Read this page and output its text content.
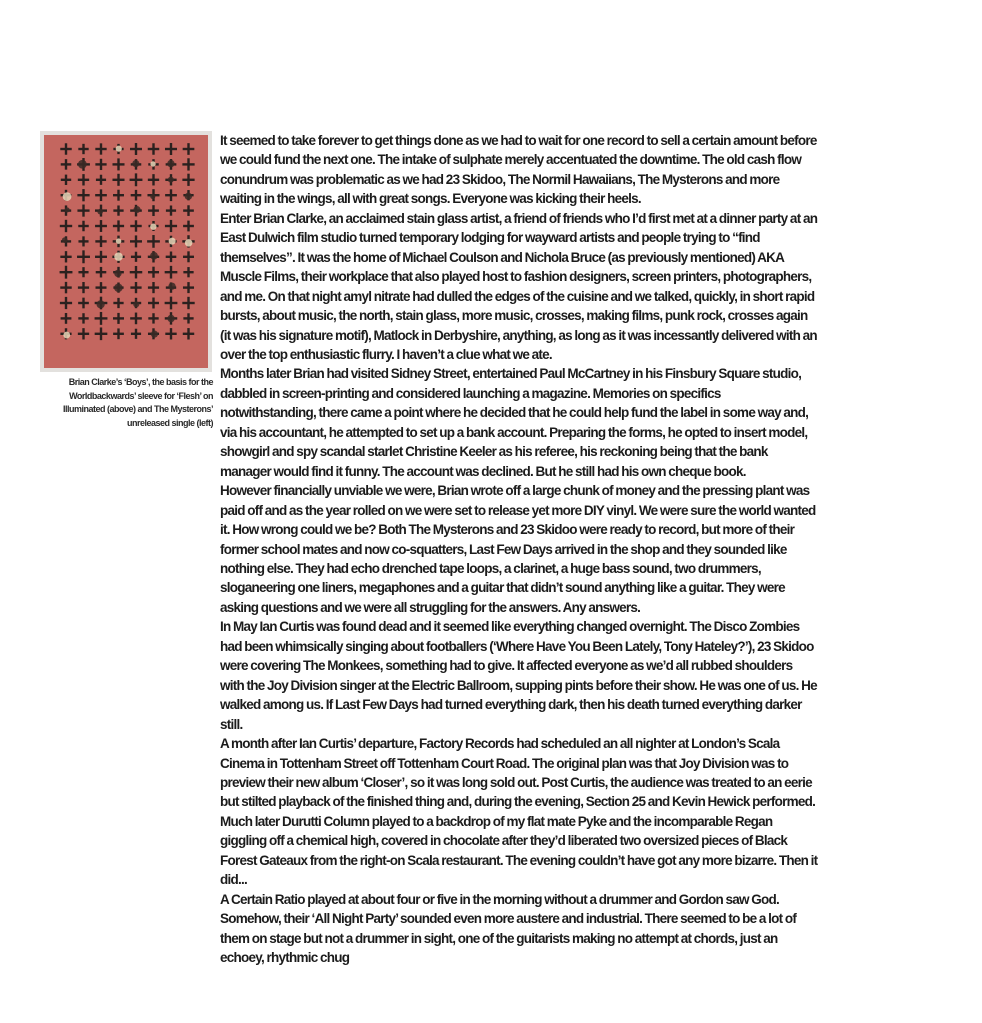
Brian Clarke’s ‘Boys’, the basis for the Worldbackwards’ sleeve for ‘Flesh’ on Illuminated (above) and The Mysterons’ unreleased single (left)

It seemed to take forever to get things done as we had to wait for one record to sell a certain amount before we could fund the next one. The intake of sulphate merely accentuated the downtime. The old cash flow conundrum was problematic as we had 23 Skidoo, The Normil Hawaiians, The Mysterons and more waiting in the wings, all with great songs. Everyone was kicking their heels.

Enter Brian Clarke, an acclaimed stain glass artist, a friend of friends who I’d first met at a dinner party at an East Dulwich film studio turned temporary lodging for wayward artists and people trying to “find themselves”. It was the home of Michael Coulson and Nichola Bruce (as previously mentioned) AKA Muscle Films, their workplace that also played host to fashion designers, screen printers, photographers, and me. On that night amyl nitrate had dulled the edges of the cuisine and we talked, quickly, in short rapid bursts, about music, the north, stain glass, more music, crosses, making films, punk rock, crosses again (it was his signature motif), Matlock in Derbyshire, anything, as long as it was incessantly delivered with an over the top enthusiastic flurry. I haven’t a clue what we ate.

Months later Brian had visited Sidney Street, entertained Paul McCartney in his Finsbury Square studio, dabbled in screen-printing and considered launching a magazine. Memories on specifics notwithstanding, there came a point where he decided that he could help fund the label in some way and, via his accountant, he attempted to set up a bank account. Preparing the forms, he opted to insert model, showgirl and spy scandal starlet Christine Keeler as his referee, his reckoning being that the bank manager would find it funny. The account was declined. But he still had his own cheque book.

However financially unviable we were, Brian wrote off a large chunk of money and the pressing plant was paid off and as the year rolled on we were set to release yet more DIY vinyl. We were sure the world wanted it. How wrong could we be? Both The Mysterons and 23 Skidoo were ready to record, but more of their former school mates and now co-squatters, Last Few Days arrived in the shop and they sounded like nothing else. They had echo drenched tape loops, a clarinet, a huge bass sound, two drummers, sloganeering one liners, megaphones and a guitar that didn’t sound anything like a guitar. They were asking questions and we were all struggling for the answers. Any answers.

In May Ian Curtis was found dead and it seemed like everything changed overnight. The Disco Zombies had been whimsically singing about footballers (‘Where Have You Been Lately, Tony Hateley?’), 23 Skidoo were covering The Monkees, something had to give. It affected everyone as we’d all rubbed shoulders with the Joy Division singer at the Electric Ballroom, supping pints before their show. He was one of us. He walked among us. If Last Few Days had turned everything dark, then his death turned everything darker still.

A month after Ian Curtis’ departure, Factory Records had scheduled an all nighter at London’s Scala Cinema in Tottenham Street off Tottenham Court Road. The original plan was that Joy Division was to preview their new album ‘Closer’, so it was long sold out. Post Curtis, the audience was treated to an eerie but stilted playback of the finished thing and, during the evening, Section 25 and Kevin Hewick performed. Much later Durutti Column played to a backdrop of my flat mate Pyke and the incomparable Regan giggling off a chemical high, covered in chocolate after they’d liberated two oversized pieces of Black Forest Gateaux from the right-on Scala restaurant. The evening couldn’t have got any more bizarre. Then it did...

A Certain Ratio played at about four or five in the morning without a drummer and Gordon saw God. Somehow, their ‘All Night Party’ sounded even more austere and industrial. There seemed to be a lot of them on stage but not a drummer in sight, one of the guitarists making no attempt at chords, just an echoey, rhythmic chug
